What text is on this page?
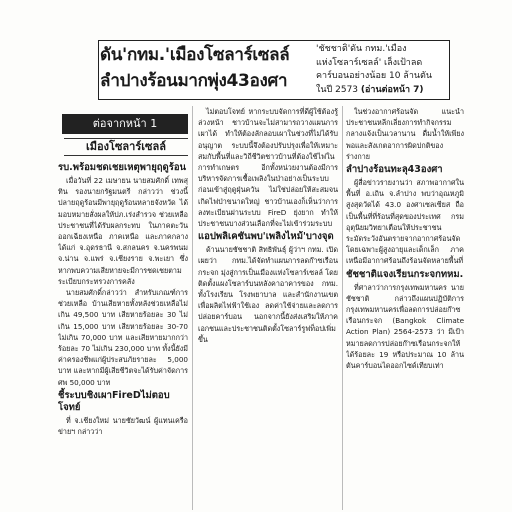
ดัน'กทม.'เมืองโซลาร์เซลล์
ลำปางร้อนมากพุ่ง43องศา
'ชัชชาติ'ดัน กทม.'เมือง
แห่งโซลาร์เซลล์' เล็งเป้าลด
คาร์บอนอย่างน้อย 10 ล้านตัน
ในปี 2573 (อ่านต่อหน้า 7)
ต่อจากหน้า 1
เมืองโซลาร์เซลล์
รบ.พร้อมชดเชยเหตุพายุฤดูร้อน

เมื่อวันที่ 22 เมษายน นายสมศักดิ์ เทพสุทิน รองนายกรัฐมนตรี กล่าวว่า ช่วงนี้ปลายฤดูร้อนมีพายุฤดูร้อนหลายจังหวัด ได้มอบหมายสั่งผลให้ปภ.เร่งสำรวจ ช่วยเหลือประชาชนที่ได้รับผลกระทบ ในภาคตะวันออกเฉียงเหนือ ภาคเหนือ และภาคกลาง ได้แก่ จ.อุดรธานี จ.สกลนคร จ.นครพนม จ.น่าน จ.แพร่ จ.เชียงราย จ.พะเยา ซึ่งหากพบความเสียหายจะมีการชดเชยตามระเบียบกระทรวงการคลัง

นายสมศักดิ์กล่าวว่า สำหรับเกณฑ์การช่วยเหลือ บ้านเสียหายทั้งหลังช่วยเหลือไม่เกิน 49,500 บาท เสียหายร้อยละ 30 ไม่เกิน 15,000 บาท เสียหายร้อยละ 30-70 ไม่เกิน 70,000 บาท และเสียหายมากกว่าร้อยละ 70 ไม่เกิน 230,000 บาท ทั้งนี้ยังมีค่าครองชีพแก่ผู้ประสบภัยรายละ 5,000 บาท และหากมีผู้เสียชีวิตจะได้รับค่าจัดการศพ 50,000 บาท

ชี้ระบบชิงเผาFireDไม่ตอบโจทย์

ที่ จ.เชียงใหม่ นายชัยวัฒน์ ผู้แทนเครือข่ายฯ กล่าวว่า

ไม่ตอบโจทย์ หากระบบจัดการที่ดีผู้ใช้ต้องรู้ล่วงหน้า ชาวบ้านจะไม่สามารถวางแผนการเผาได้ ทำให้ต้องลักลอบเผาในช่วงที่ไม่ได้รับอนุญาต ระบบนี้จึงต้องปรับปรุงเพื่อให้เหมาะสมกับพื้นที่และวิถีชีวิตชาวบ้านที่ต้องใช้ไฟในการทำเกษตร อีกทั้งหน่วยงานต้องมีการบริหารจัดการเชื้อเพลิงในป่าอย่างเป็นระบบก่อนเข้าสู่ฤดูฝุ่นควัน ไม่ใช่ปล่อยให้สะสมจนเกิดไฟป่าขนาดใหญ่ ชาวบ้านเองก็เห็นว่าการลงทะเบียนผ่านระบบ FireD ยุ่งยาก ทำให้ประชาชนบางส่วนเลือกที่จะไม่เข้าร่วมระบบ

แอปพลิเคชันพบ'เพลิงไหม้'บางจุด

ด้านนายชัชชาติ สิทธิพันธุ์ ผู้ว่าฯ กทม. เปิดเผยว่า กทม.ได้จัดทำแผนการลดก๊าซเรือนกระจก มุ่งสู่การเป็นเมืองแห่งโซลาร์เซลล์ โดยติดตั้งแผงโซลาร์บนหลังคาอาคารของ กทม. ทั้งโรงเรียน โรงพยาบาล และสำนักงานเขต เพื่อผลิตไฟฟ้าใช้เอง ลดค่าใช้จ่ายและลดการปล่อยคาร์บอน นอกจากนี้ยังส่งเสริมให้ภาคเอกชนและประชาชนติดตั้งโซลาร์รูฟท็อปเพิ่มขึ้น

ในช่วงอากาศร้อนจัด แนะนำประชาชนหลีกเลี่ยงการทำกิจกรรมกลางแจ้งเป็นเวลานาน ดื่มน้ำให้เพียงพอและสังเกตอาการผิดปกติของร่างกาย

ลำปางร้อนทะลุ43องศา

ผู้สื่อข่าวรายงานว่า สภาพอากาศในพื้นที่ อ.เถิน จ.ลำปาง พบว่าอุณหภูมิสูงสุดวัดได้ 43.0 องศาเซลเซียส ถือเป็นพื้นที่ที่ร้อนที่สุดของประเทศ กรมอุตุนิยมวิทยาเตือนให้ประชาชนระมัดระวังอันตรายจากอากาศร้อนจัด โดยเฉพาะผู้สูงอายุและเด็กเล็ก ภาคเหนือมีอากาศร้อนถึงร้อนจัดหลายพื้นที่

ชัชชาติแจงเรียนกระจกทหม.

ที่ศาลาว่าการกรุงเทพมหานคร นายชัชชาติ กล่าวถึงแผนปฏิบัติการกรุงเทพมหานครเพื่อลดการปล่อยก๊าซเรือนกระจก (Bangkok Climate Action Plan) 2564-2573 ว่า มีเป้าหมายลดการปล่อยก๊าซเรือนกระจกให้ได้ร้อยละ 19 หรือประมาณ 10 ล้านตันคาร์บอนไดออกไซด์เทียบเท่า
